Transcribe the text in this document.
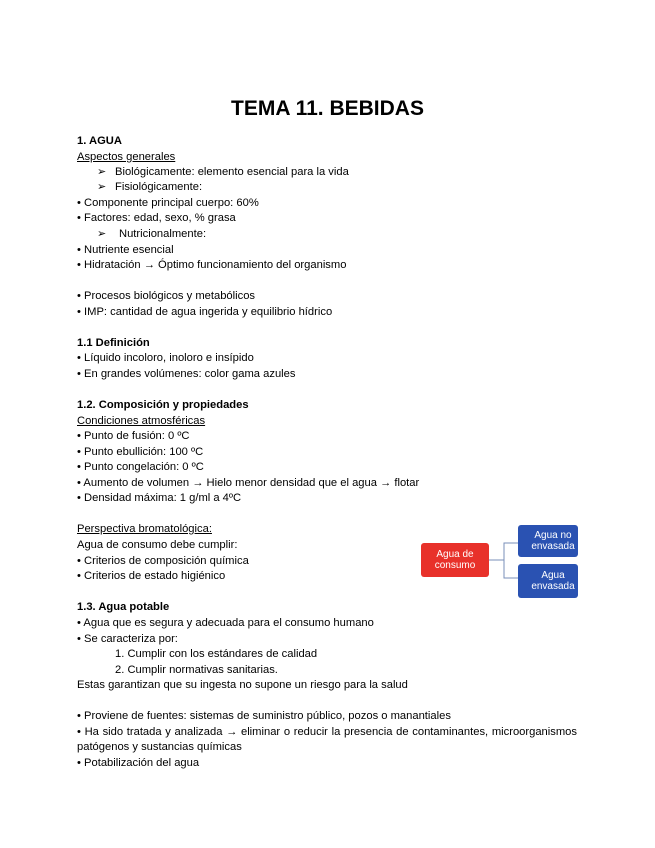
TEMA 11. BEBIDAS
1. AGUA
Aspectos generales
➢ Biológicamente: elemento esencial para la vida
➢ Fisiológicamente:
• Componente principal cuerpo: 60%
• Factores: edad, sexo, % grasa
➢ Nutricionalmente:
• Nutriente esencial
• Hidratación → Óptimo funcionamiento del organismo
• Procesos biológicos y metabólicos
• IMP: cantidad de agua ingerida y equilibrio hídrico
1.1 Definición
• Líquido incoloro, inoloro e insípido
• En grandes volúmenes: color gama azules
1.2. Composición y propiedades
Condiciones atmosféricas
• Punto de fusión: 0 ºC
• Punto ebullición: 100 ºC
• Punto congelación: 0 ºC
• Aumento de volumen → Hielo menor densidad que el agua → flotar
• Densidad máxima: 1 g/ml a 4ºC
Perspectiva bromatológica:
Agua de consumo debe cumplir:
• Criterios de composición química
• Criterios de estado higiénico
Agua de consumo
Agua no envasada
Agua envasada
1.3. Agua potable
• Agua que es segura y adecuada para el consumo humano
• Se caracteriza por:
1. Cumplir con los estándares de calidad
2. Cumplir normativas sanitarias.
Estas garantizan que su ingesta no supone un riesgo para la salud
• Proviene de fuentes: sistemas de suministro público, pozos o manantiales
• Ha sido tratada y analizada → eliminar o reducir la presencia de contaminantes, microorganismos patógenos y sustancias químicas
• Potabilización del agua
